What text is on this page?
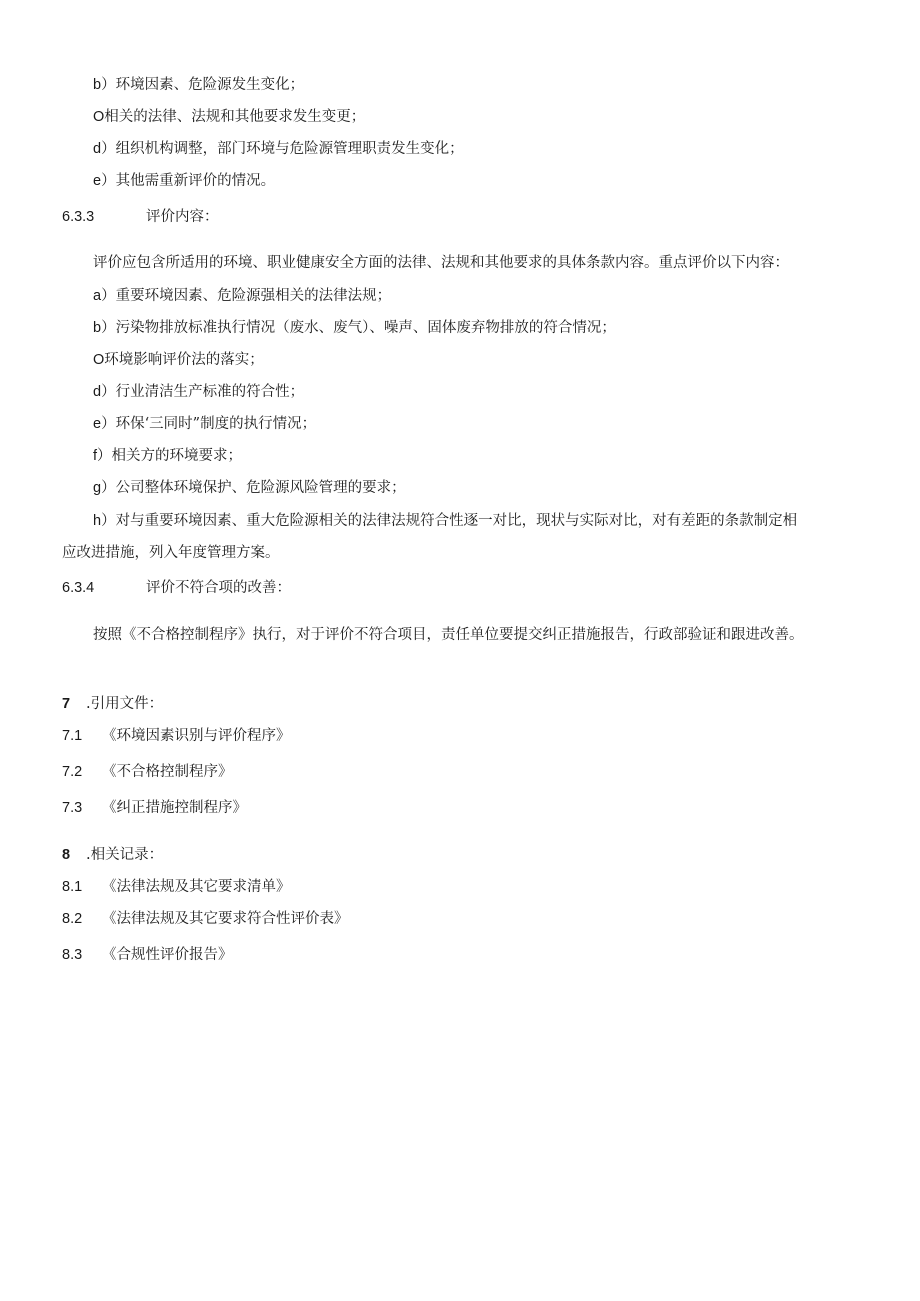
b）环境因素、危险源发生变化；
O相关的法律、法规和其他要求发生变更；
d）组织机构调整，部门环境与危险源管理职责发生变化；
e）其他需重新评价的情况。
6.3.3	评价内容：
评价应包含所适用的环境、职业健康安全方面的法律、法规和其他要求的具体条款内容。重点评价以下内容：
a）重要环境因素、危险源强相关的法律法规；
b）污染物排放标准执行情况（废水、废气）、噪声、固体废弃物排放的符合情况；
O环境影响评价法的落实；
d）行业清洁生产标准的符合性；
e）环保‘三同时”制度的执行情况；
f）相关方的环境要求；
g）公司整体环境保护、危险源风险管理的要求；
h）对与重要环境因素、重大危险源相关的法律法规符合性逐一对比，现状与实际对比，对有差距的条款制定相
应改进措施，列入年度管理方案。
6.3.4	评价不符合项的改善：
按照《不合格控制程序》执行，对于评价不符合项目，责任单位要提交纠正措施报告，行政部验证和跟进改善。
7 .引用文件：
7.1 《环境因素识别与评价程序》
7.2 《不合格控制程序》
7.3 《纠正措施控制程序》
8 .相关记录：
8.1 《法律法规及其它要求清单》
8.2 《法律法规及其它要求符合性评价表》
8.3 《合规性评价报告》
